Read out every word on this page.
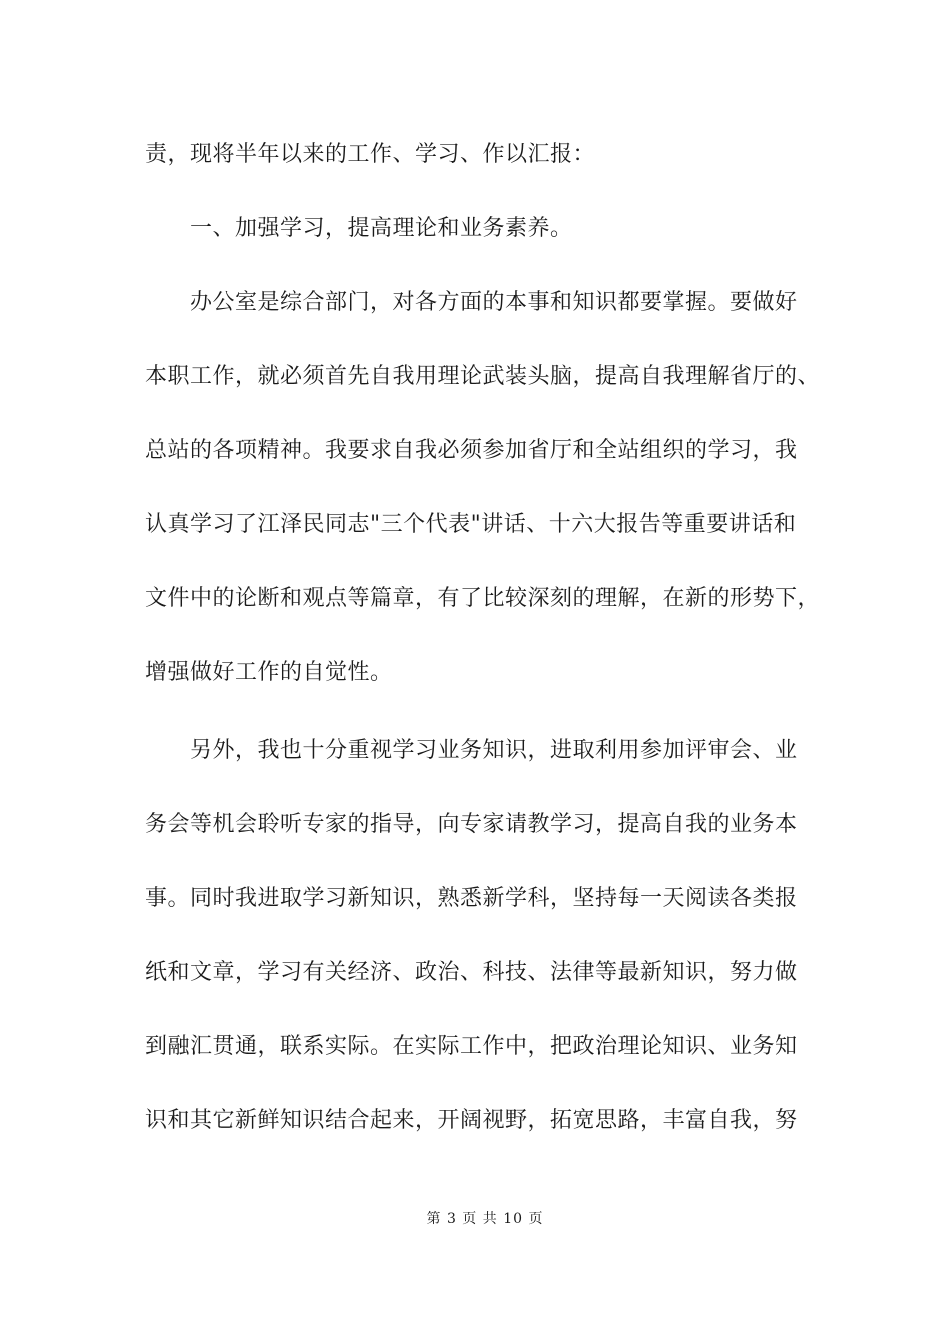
责，现将半年以来的工作、学习、作以汇报：
一、加强学习，提高理论和业务素养。
办公室是综合部门，对各方面的本事和知识都要掌握。要做好
本职工作，就必须首先自我用理论武装头脑，提高自我理解省厅的、
总站的各项精神。我要求自我必须参加省厅和全站组织的学习，我
认真学习了江泽民同志"三个代表"讲话、十六大报告等重要讲话和
文件中的论断和观点等篇章，有了比较深刻的理解，在新的形势下，
增强做好工作的自觉性。
另外，我也十分重视学习业务知识，进取利用参加评审会、业
务会等机会聆听专家的指导，向专家请教学习，提高自我的业务本
事。同时我进取学习新知识，熟悉新学科，坚持每一天阅读各类报
纸和文章，学习有关经济、政治、科技、法律等最新知识，努力做
到融汇贯通，联系实际。在实际工作中，把政治理论知识、业务知
识和其它新鲜知识结合起来，开阔视野，拓宽思路，丰富自我，努
第 3 页 共 10 页
